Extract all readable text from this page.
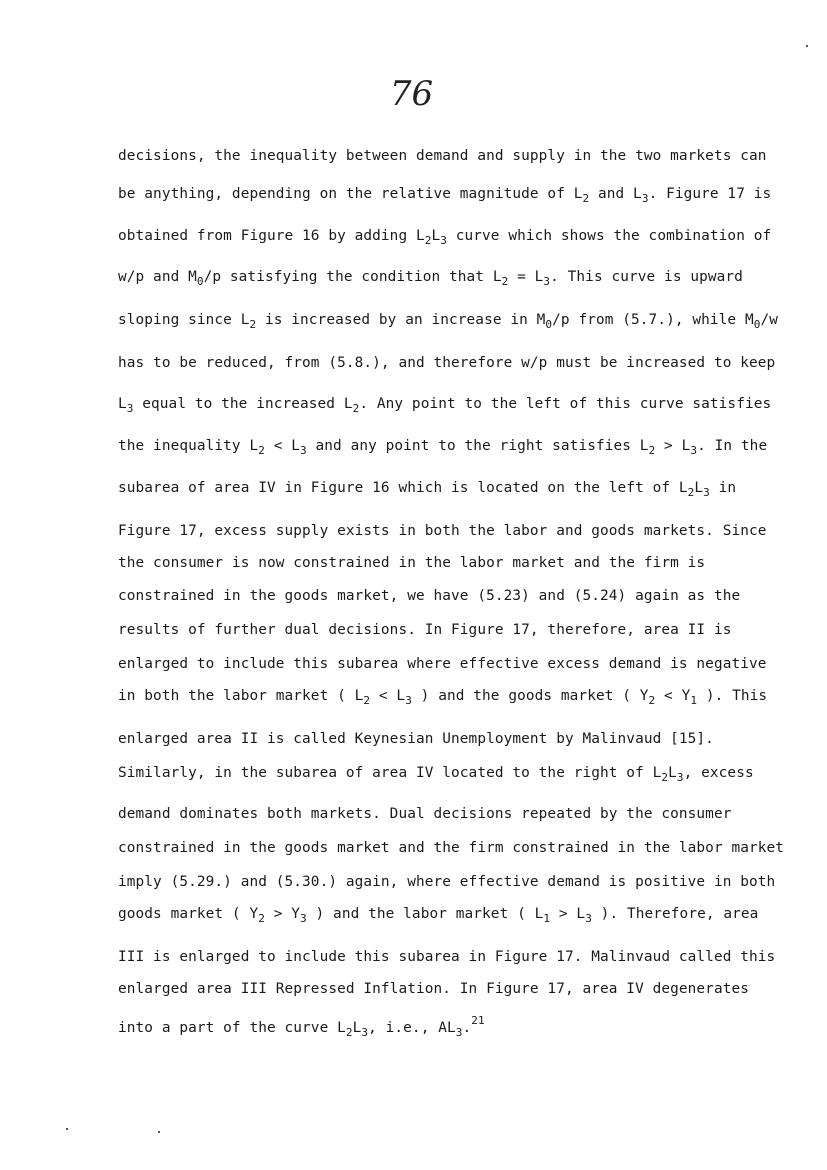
76
decisions, the inequality between demand and supply in the two markets can
be anything, depending on the relative magnitude of $L_2$ and $L_3$. Figure 17 is
obtained from Figure 16 by adding $L_2L_3$ curve which shows the combination of
w/p and $M_0/p$ satisfying the condition that $L_2 = L_3$. This curve is upward
sloping since $L_2$ is increased by an increase in $M_0/p$ from (5.7.), while $M_0/w$
has to be reduced, from (5.8.), and therefore w/p must be increased to keep
$L_3$ equal to the increased $L_2$. Any point to the left of this curve satisfies
the inequality $L_2 < L_3$ and any point to the right satisfies $L_2 > L_3$. In the
subarea of area IV in Figure 16 which is located on the left of $L_2L_3$ in
Figure 17, excess supply exists in both the labor and goods markets. Since
the consumer is now constrained in the labor market and the firm is
constrained in the goods market, we have (5.23) and (5.24) again as the
results of further dual decisions. In Figure 17, therefore, area II is
enlarged to include this subarea where effective excess demand is negative
in both the labor market ( $L_2 < L_3$ ) and the goods market ( $Y_2 < Y_1$ ). This
enlarged area II is called Keynesian Unemployment by Malinvaud [15].
Similarly, in the subarea of area IV located to the right of $L_2L_3$, excess
demand dominates both markets. Dual decisions repeated by the consumer
constrained in the goods market and the firm constrained in the labor market
imply (5.29.) and (5.30.) again, where effective demand is positive in both
goods market ( $Y_2 > Y_3$ ) and the labor market ( $L_1 > L_3$ ). Therefore, area
III is enlarged to include this subarea in Figure 17. Malinvaud called this
enlarged area III Repressed Inflation. In Figure 17, area IV degenerates
into a part of the curve $L_2L_3$, i.e., $AL_3.^{21}$
